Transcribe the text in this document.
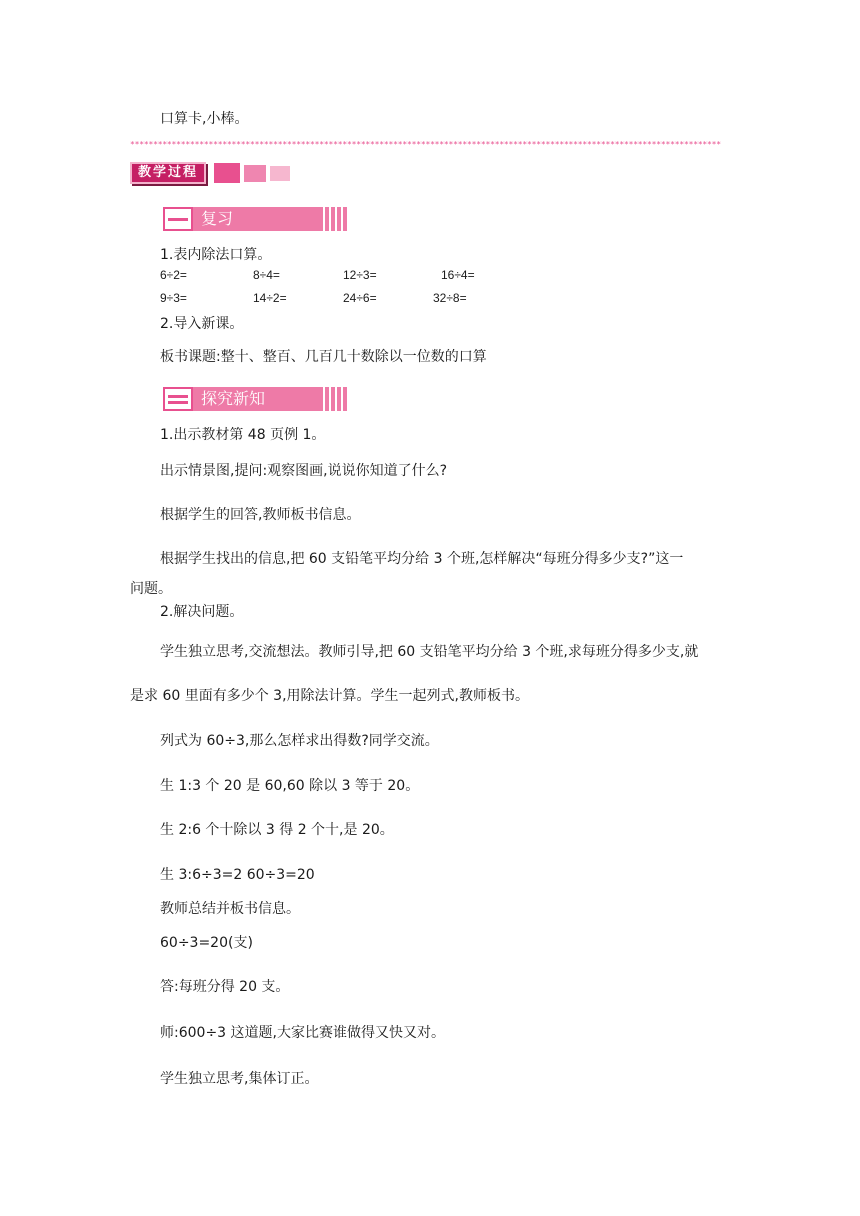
口算卡,小棒。
********************************************************************************************************************************
教学过程
复习
1.表内除法口算。
6÷2=	8÷4=	12÷3=	16÷4=
9÷3=	14÷2=	24÷6=	32÷8=
2.导入新课。
板书课题:整十、整百、几百几十数除以一位数的口算
探究新知
1.出示教材第 48 页例 1。
出示情景图,提问:观察图画,说说你知道了什么?
根据学生的回答,教师板书信息。
根据学生找出的信息,把 60 支铅笔平均分给 3 个班,怎样解决“每班分得多少支?”这一
问题。
2.解决问题。
学生独立思考,交流想法。教师引导,把 60 支铅笔平均分给 3 个班,求每班分得多少支,就
是求 60 里面有多少个 3,用除法计算。学生一起列式,教师板书。
列式为 60÷3,那么怎样求出得数?同学交流。
生 1:3 个 20 是 60,60 除以 3 等于 20。
生 2:6 个十除以 3 得 2 个十,是 20。
生 3:6÷3=2 60÷3=20
教师总结并板书信息。
60÷3=20(支)
答:每班分得 20 支。
师:600÷3 这道题,大家比赛谁做得又快又对。
学生独立思考,集体订正。
